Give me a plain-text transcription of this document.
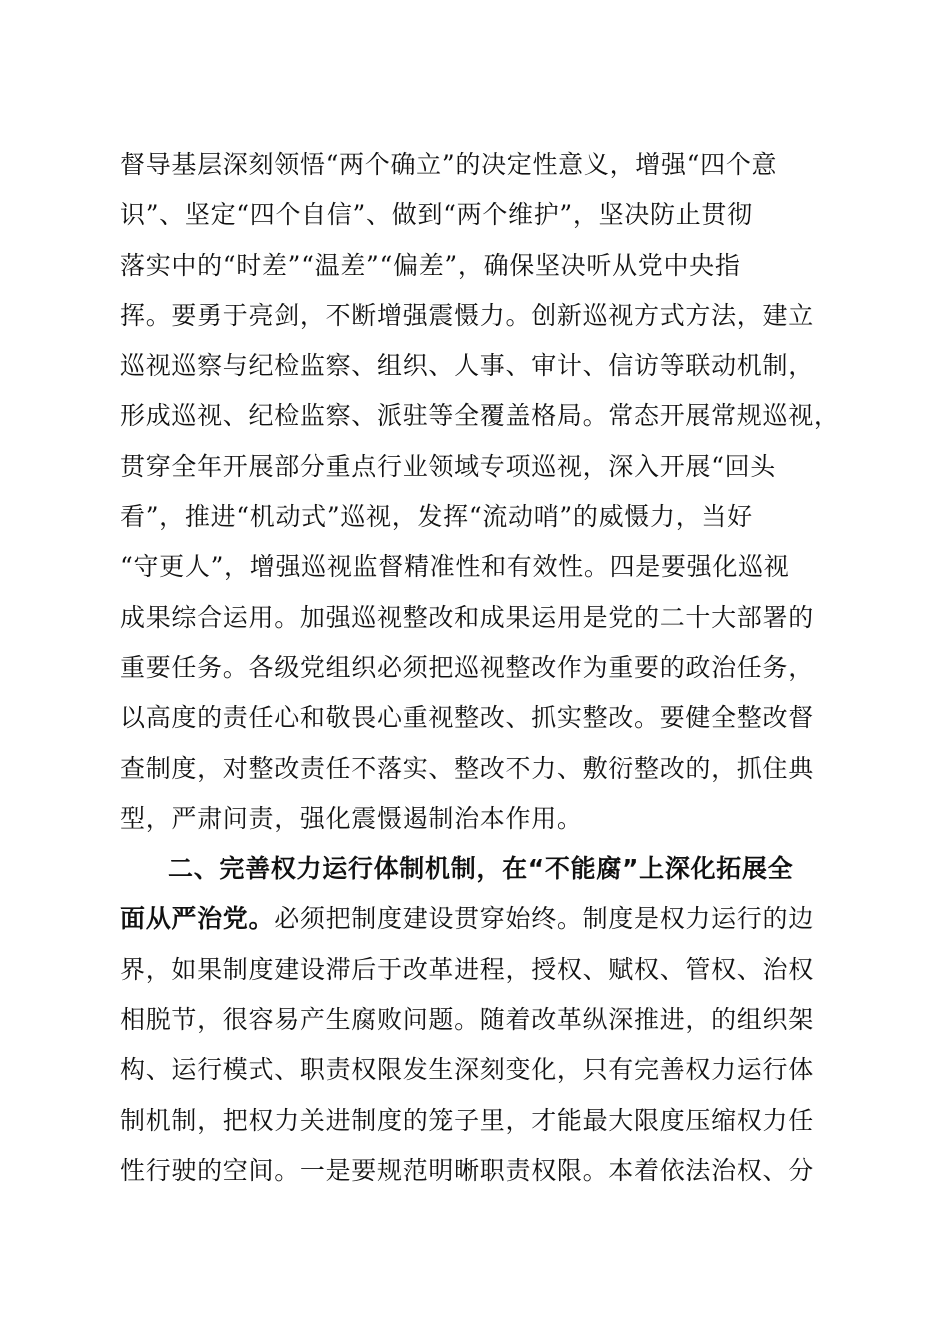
督导基层深刻领悟“两个确立”的决定性意义，增强“四个意
识”、坚定“四个自信”、做到“两个维护”，坚决防止贯彻
落实中的“时差”“温差”“偏差”，确保坚决听从党中央指
挥。要勇于亮剑，不断增强震慑力。创新巡视方式方法，建立
巡视巡察与纪检监察、组织、人事、审计、信访等联动机制，
形成巡视、纪检监察、派驻等全覆盖格局。常态开展常规巡视，
贯穿全年开展部分重点行业领域专项巡视，深入开展“回头
看”，推进“机动式”巡视，发挥“流动哨”的威慑力，当好
“守更人”，增强巡视监督精准性和有效性。四是要强化巡视
成果综合运用。加强巡视整改和成果运用是党的二十大部署的
重要任务。各级党组织必须把巡视整改作为重要的政治任务，
以高度的责任心和敬畏心重视整改、抓实整改。要健全整改督
查制度，对整改责任不落实、整改不力、敷衍整改的，抓住典
型，严肃问责，强化震慑遏制治本作用。
二、完善权力运行体制机制，在“不能腐”上深化拓展全
面从严治党。必须把制度建设贯穿始终。制度是权力运行的边
界，如果制度建设滞后于改革进程，授权、赋权、管权、治权
相脱节，很容易产生腐败问题。随着改革纵深推进，的组织架
构、运行模式、职责权限发生深刻变化，只有完善权力运行体
制机制，把权力关进制度的笼子里，才能最大限度压缩权力任
性行驶的空间。一是要规范明晰职责权限。本着依法治权、分
